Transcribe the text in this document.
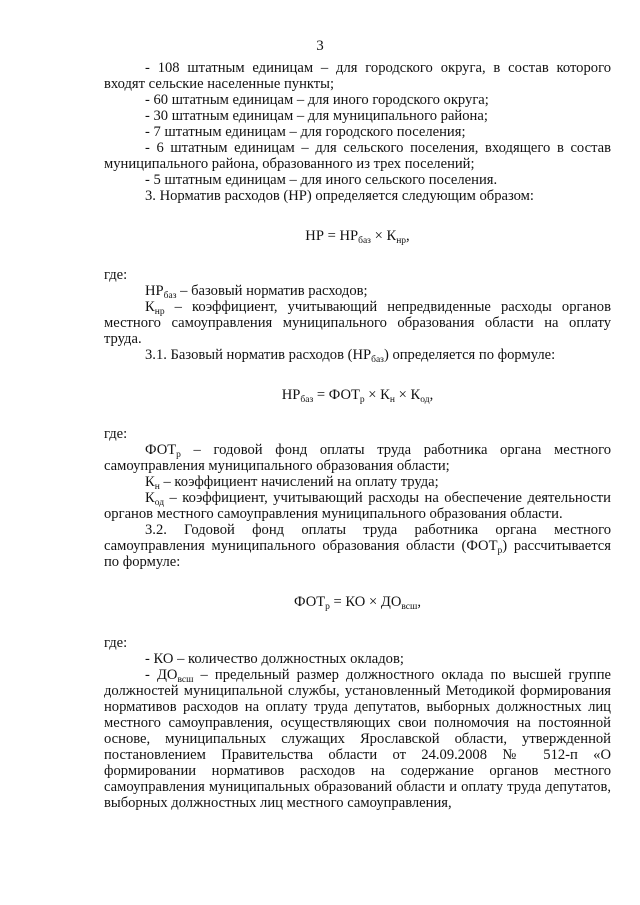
3

- 108 штатным единицам – для городского округа, в состав которого входят сельские населенные пункты;

- 60 штатным единицам – для иного городского округа;

- 30 штатным единицам – для муниципального района;

- 7 штатным единицам – для городского поселения;

- 6 штатным единицам – для сельского поселения, входящего в состав муниципального района, образованного из трех поселений;

- 5 штатным единицам – для иного сельского поселения.

3. Норматив расходов (НР) определяется следующим образом:

НР = $НР_{баз} \times К_{нр}$,

где:

$НР_{баз}$ – базовый норматив расходов;

$К_{нр}$ – коэффициент, учитывающий непредвиденные расходы органов местного самоуправления муниципального образования области на оплату труда.

3.1. Базовый норматив расходов $(НР_{баз})$ определяется по формуле:

$НР_{баз} = ФОТ_р \times К_н \times К_{од}$,

где:

$ФОТ_р$ – годовой фонд оплаты труда работника органа местного самоуправления муниципального образования области;

$К_н$ – коэффициент начислений на оплату труда;

$К_{од}$ – коэффициент, учитывающий расходы на обеспечение деятельности органов местного самоуправления муниципального образования области.

3.2. Годовой фонд оплаты труда работника органа местного самоуправления муниципального образования области $(ФОТ_р)$ рассчитывается по формуле:

$ФОТ_р$ = КО × $ДО_{всш}$,

где:

- КО – количество должностных окладов;

- $ДО_{всш}$ – предельный размер должностного оклада по высшей группе должностей муниципальной службы, установленный Методикой формирования нормативов расходов на оплату труда депутатов, выборных должностных лиц местного самоуправления, осуществляющих свои полномочия на постоянной основе, муниципальных служащих Ярославской области, утвержденной постановлением Правительства области от 24.09.2008 № 512-п «О формировании нормативов расходов на содержание органов местного самоуправления муниципальных образований области и оплату труда депутатов, выборных должностных лиц местного самоуправления,
